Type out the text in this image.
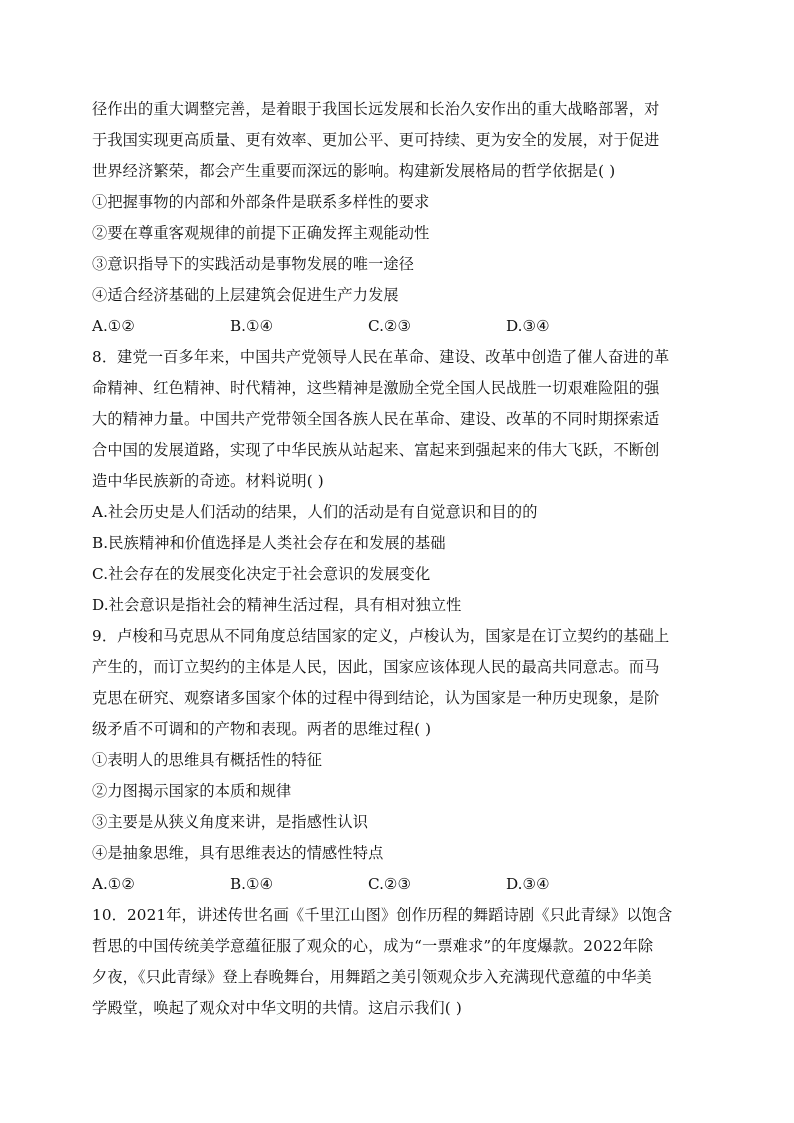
径作出的重大调整完善，是着眼于我国长远发展和长治久安作出的重大战略部署，对
于我国实现更高质量、更有效率、更加公平、更可持续、更为安全的发展，对于促进
世界经济繁荣，都会产生重要而深远的影响。构建新发展格局的哲学依据是( )
①把握事物的内部和外部条件是联系多样性的要求
②要在尊重客观规律的前提下正确发挥主观能动性
③意识指导下的实践活动是事物发展的唯一途径
④适合经济基础的上层建筑会促进生产力发展
A.①②	B.①④	C.②③	D.③④
8．建党一百多年来，中国共产党领导人民在革命、建设、改革中创造了催人奋进的革
命精神、红色精神、时代精神，这些精神是激励全党全国人民战胜一切艰难险阻的强
大的精神力量。中国共产党带领全国各族人民在革命、建设、改革的不同时期探索适
合中国的发展道路，实现了中华民族从站起来、富起来到强起来的伟大飞跃，不断创
造中华民族新的奇迹。材料说明( )
A.社会历史是人们活动的结果，人们的活动是有自觉意识和目的的
B.民族精神和价值选择是人类社会存在和发展的基础
C.社会存在的发展变化决定于社会意识的发展变化
D.社会意识是指社会的精神生活过程，具有相对独立性
9．卢梭和马克思从不同角度总结国家的定义，卢梭认为，国家是在订立契约的基础上
产生的，而订立契约的主体是人民，因此，国家应该体现人民的最高共同意志。而马
克思在研究、观察诸多国家个体的过程中得到结论，认为国家是一种历史现象，是阶
级矛盾不可调和的产物和表现。两者的思维过程( )
①表明人的思维具有概括性的特征
②力图揭示国家的本质和规律
③主要是从狭义角度来讲，是指感性认识
④是抽象思维，具有思维表达的情感性特点
A.①②	B.①④	C.②③	D.③④
10．2021年，讲述传世名画《千里江山图》创作历程的舞蹈诗剧《只此青绿》以饱含
哲思的中国传统美学意蕴征服了观众的心，成为“一票难求”的年度爆款。2022年除
夕夜，《只此青绿》登上春晚舞台，用舞蹈之美引领观众步入充满现代意蕴的中华美
学殿堂，唤起了观众对中华文明的共情。这启示我们( )
